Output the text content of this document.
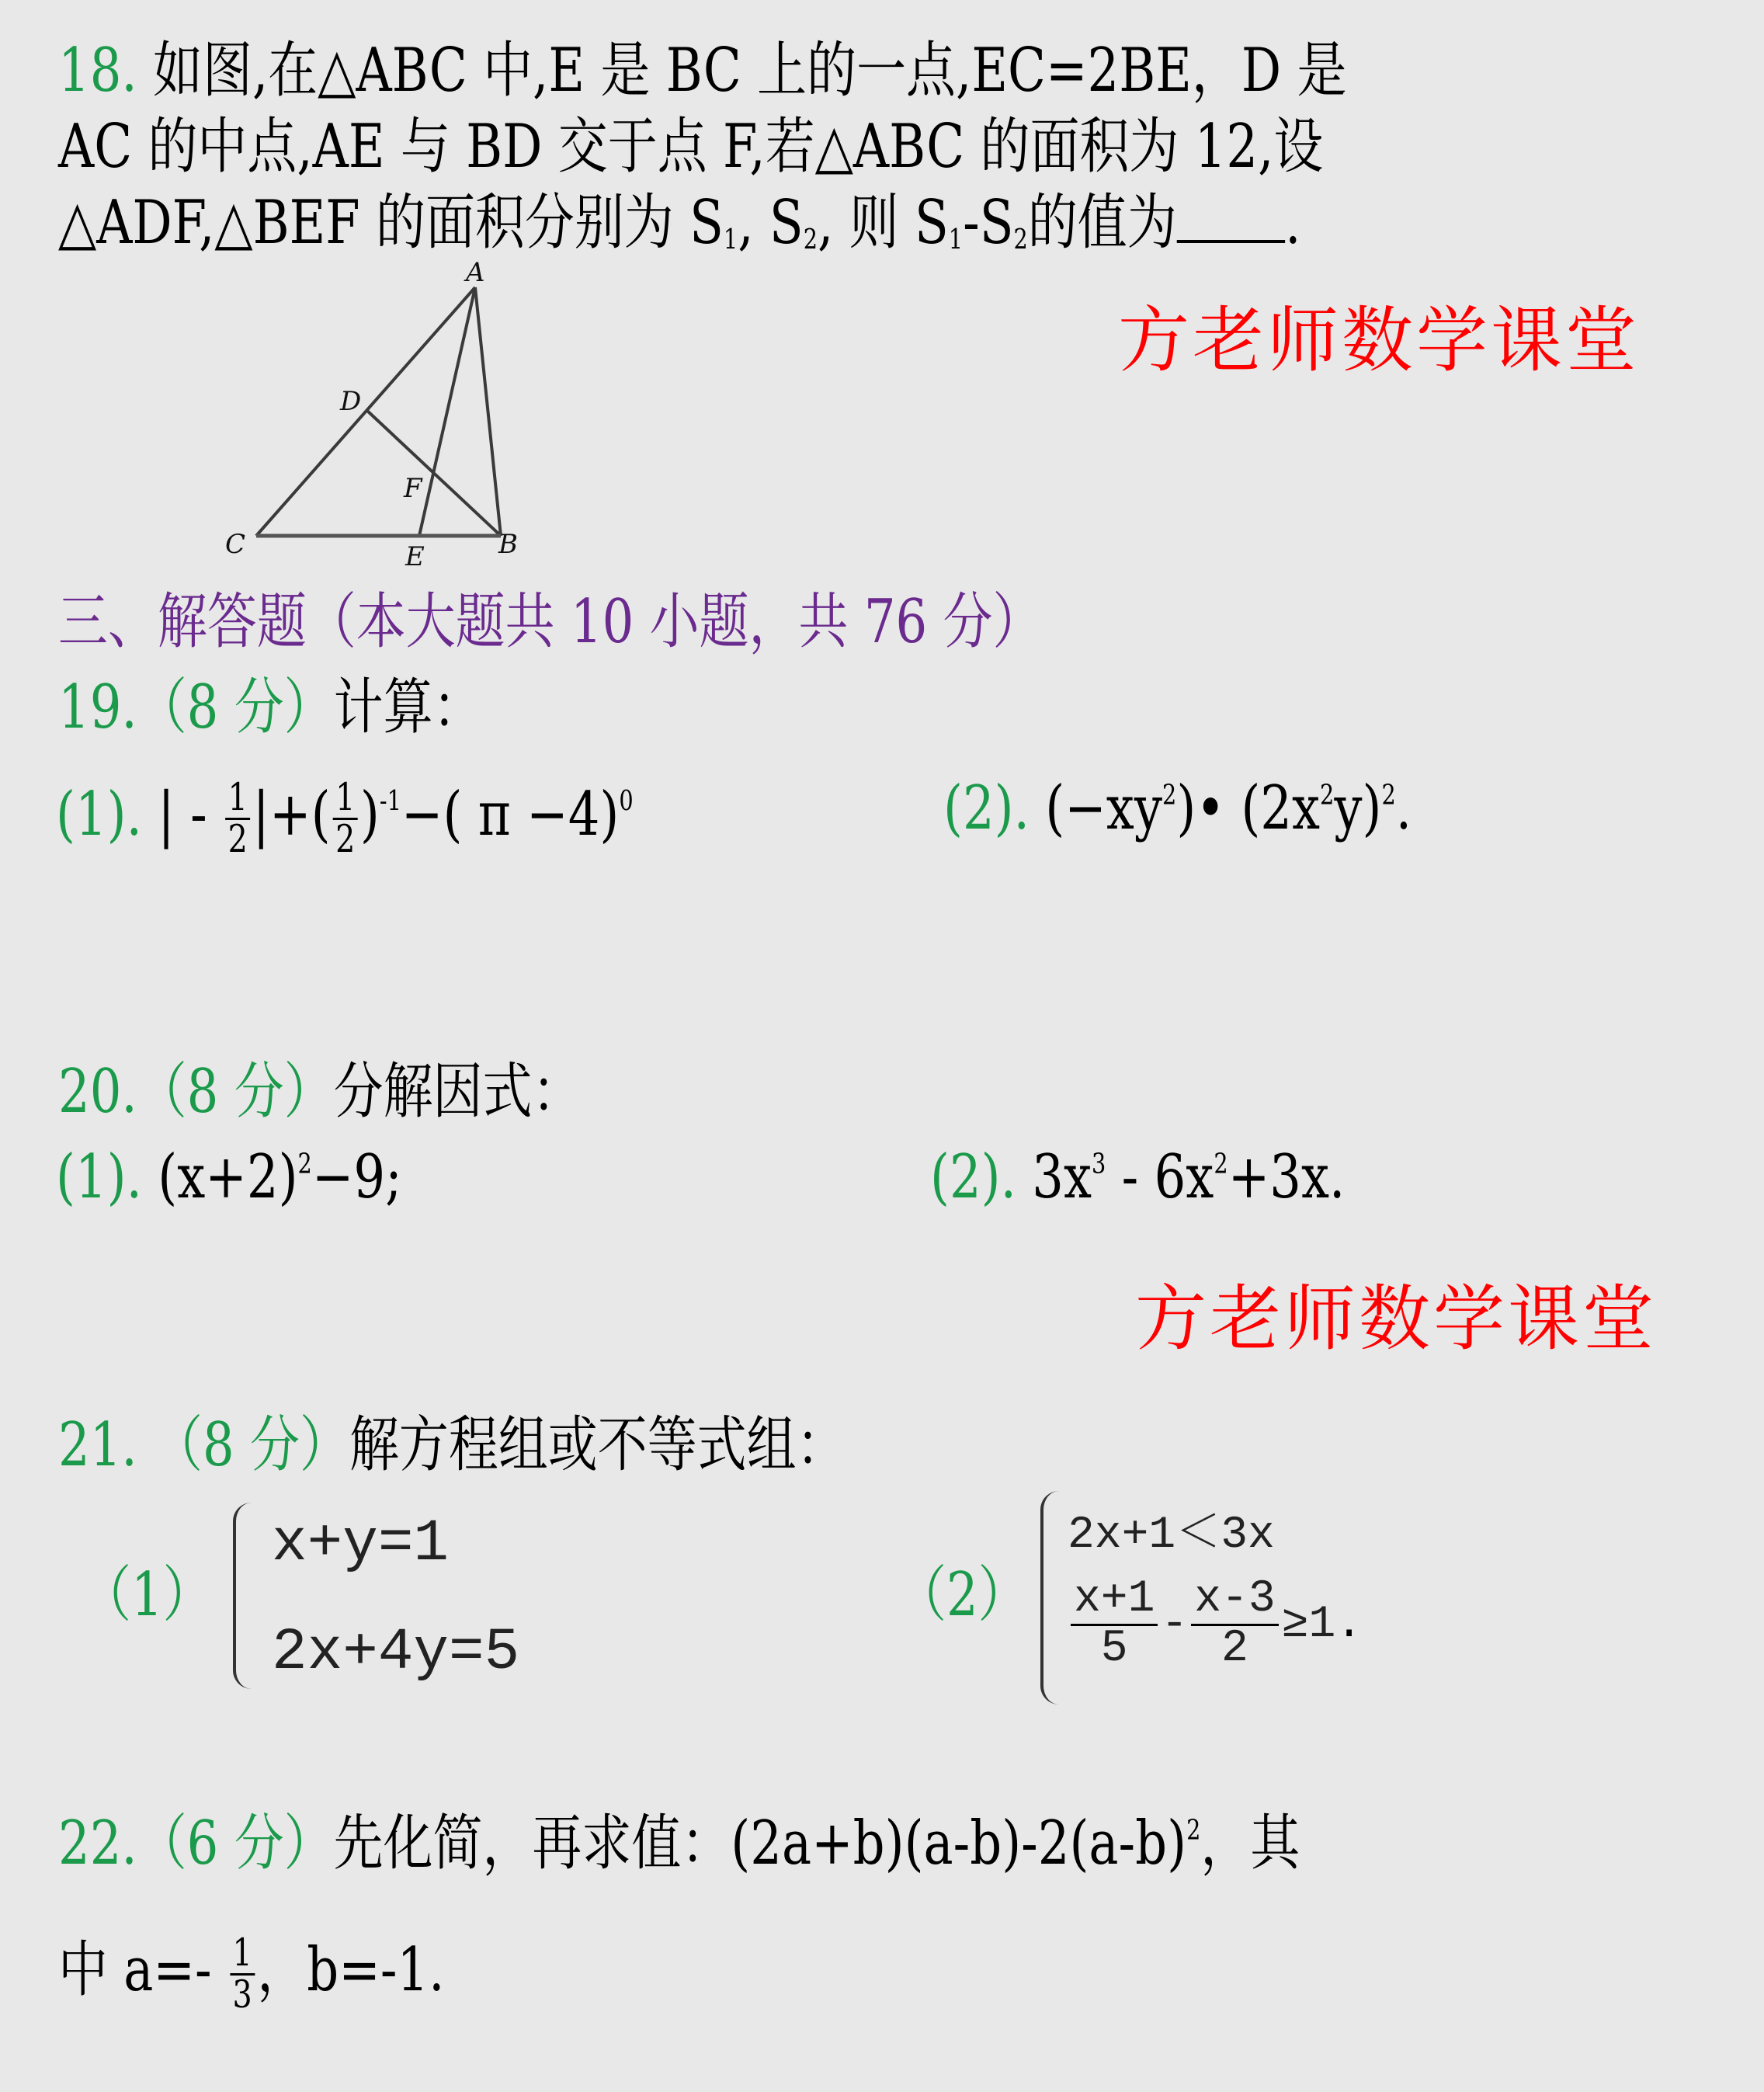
18. 如图,在△ABC 中,E 是 BC 上的一点,EC=2BE，D 是
AC 的中点,AE 与 BD 交于点 F,若△ABC 的面积为 12,设
△ADF,△BEF 的面积分别为 $S_1$, $S_2$, 则 $S_1-S_2$的值为 .
A
D
F
C	E	B
方老师数学课堂
三、解答题（本大题共 10 小题，共 76 分）
19.（8 分）计算：
(1). | - $\frac{1}{2}$ |+( $\frac{1}{2} )^{-1}-$( π −4)$^0$	(2). $(-xy^2)•$ $(2x^2y)^2$.
20.（8 分）分解因式：
(1). $(x+2)^2-9$;	(2). $3x^3 - 6x^2+3x$.
方老师数学课堂
21. （8 分）解方程组或不等式组：
（1）
x+y=1
2x+4y=5
（2）
2x+1＜3x
$\frac{x+1}{5} - \frac{x-3}{2} \ge 1$ .
22.（6 分）先化简，再求值：$(2a+b)(a-b)-2(a-b)^2$，其
中 $a=- \frac{1}{3}$ ，b=-1.
